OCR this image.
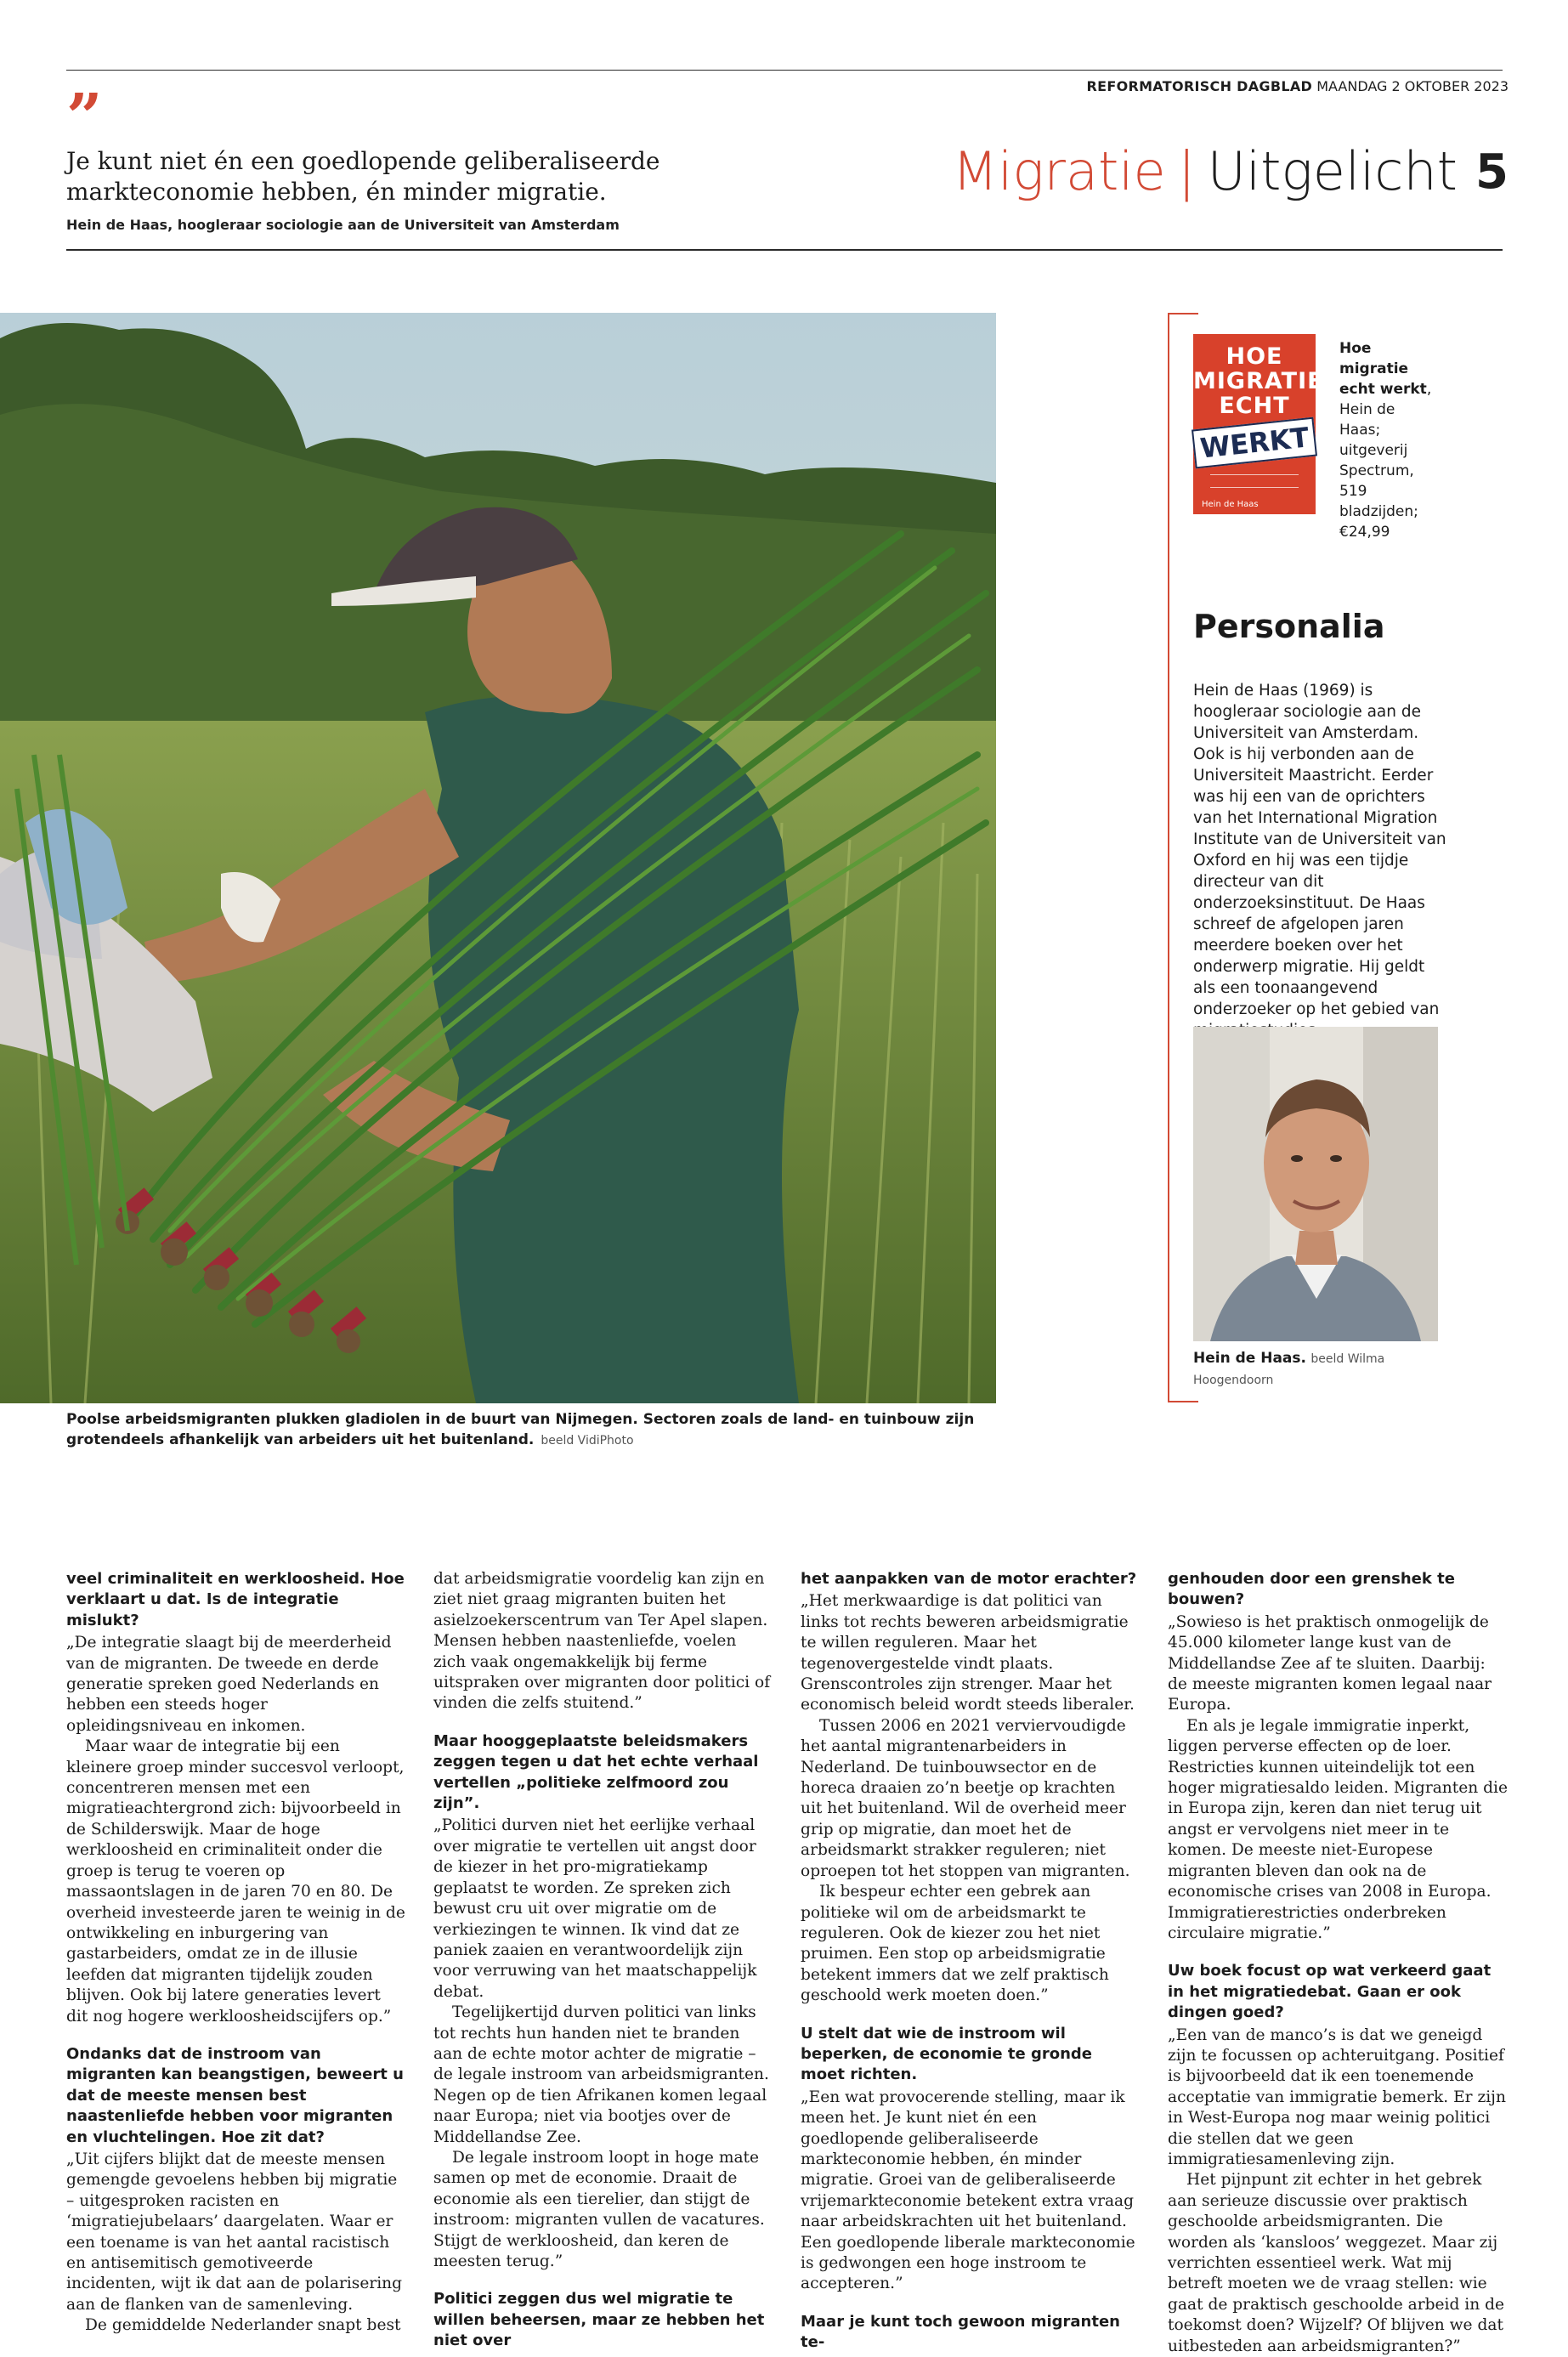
REFORMATORISCH DAGBLAD MAANDAG 2 OKTOBER 2023
”
Je kunt niet én een goedlopende geliberaliseerde markteconomie hebben, én minder migratie.
Hein de Haas, hoogleraar sociologie aan de Universiteit van Amsterdam
Migratie | Uitgelicht 5
Poolse arbeidsmigranten plukken gladiolen in de buurt van Nijmegen. Sectoren zoals de land- en tuinbouw zijn grotendeels afhankelijk van arbeiders uit het buitenland. beeld VidiPhoto
HOE
MIGRATIE
ECHT
WERKT
Hein de Haas
Hoe migratie echt werkt, Hein de Haas; uitgeverij Spectrum, 519 bladzijden; €24,99
Personalia
Hein de Haas (1969) is hoogleraar sociologie aan de Universiteit van Amsterdam. Ook is hij verbonden aan de Universiteit Maastricht. Eerder was hij een van de oprichters van het International Migration Institute van de Universiteit van Oxford en hij was een tijdje directeur van dit onderzoeksinstituut. De Haas schreef de afgelopen jaren meerdere boeken over het onderwerp migratie. Hij geldt als een toonaangevend onderzoeker op het gebied van
Hein de Haas. beeld Wilma Hoogendoorn

veel criminaliteit en werkloosheid. Hoe verklaart u dat. Is de integratie mislukt?

„De integratie slaagt bij de meerderheid van de migranten. De tweede en derde generatie spreken goed Nederlands en hebben een steeds hoger opleidingsniveau en inkomen.

Maar waar de integratie bij een kleinere groep minder succesvol verloopt, concentreren mensen met een migratieachtergrond zich: bijvoorbeeld in de Schilderswijk. Maar de hoge werkloosheid en criminaliteit onder die groep is terug te voeren op massaontslagen in de jaren 70 en 80. De overheid investeerde jaren te weinig in de ontwikkeling en inburgering van gastarbeiders, omdat ze in de illusie leefden dat migranten tijdelijk zouden blijven. Ook bij latere generaties levert dit nog hogere werkloosheidscijfers op.”

Ondanks dat de instroom van migranten kan beangstigen, beweert u dat de meeste mensen best naastenliefde hebben voor migranten en vluchtelingen. Hoe zit dat?

„Uit cijfers blijkt dat de meeste mensen gemengde gevoelens hebben bij migratie – uitgesproken racisten en ‘migratiejubelaars’ daargelaten. Waar er een toename is van het aantal racistisch en antisemitisch gemotiveerde incidenten, wijt ik dat aan de polarisering aan de flanken van de samenleving.

De gemiddelde Nederlander snapt best

dat arbeidsmigratie voordelig kan zijn en ziet niet graag migranten buiten het asielzoekerscentrum van Ter Apel slapen. Mensen hebben naastenliefde, voelen zich vaak ongemakkelijk bij ferme uitspraken over migranten door politici of vinden die zelfs stuitend.”

Maar hooggeplaatste beleidsmakers zeggen tegen u dat het echte verhaal vertellen „politieke zelfmoord zou zijn”.

„Politici durven niet het eerlijke verhaal over migratie te vertellen uit angst door de kiezer in het pro-migratiekamp geplaatst te worden. Ze spreken zich bewust cru uit over migratie om de verkiezingen te winnen. Ik vind dat ze paniek zaaien en verantwoordelijk zijn voor verruwing van het maatschappelijk debat.

Tegelijkertijd durven politici van links tot rechts hun handen niet te branden aan de echte motor achter de migratie –de legale instroom van arbeidsmigranten. Negen op de tien Afrikanen komen legaal naar Europa; niet via bootjes over de Middellandse Zee.

De legale instroom loopt in hoge mate samen op met de economie. Draait de economie als een tierelier, dan stijgt de instroom: migranten vullen de vacatures. Stijgt de werkloosheid, dan keren de meesten terug.”

Politici zeggen dus wel migratie te willen beheersen, maar ze hebben het niet over

het aanpakken van de motor erachter?

„Het merkwaardige is dat politici van links tot rechts beweren arbeidsmigratie te willen reguleren. Maar het tegenovergestelde vindt plaats. Grenscontroles zijn strenger. Maar het economisch beleid wordt steeds liberaler.

Tussen 2006 en 2021 verviervoudigde het aantal migrantenarbeiders in Nederland. De tuinbouwsector en de horeca draaien zo’n beetje op krachten uit het buitenland. Wil de overheid meer grip op migratie, dan moet het de arbeidsmarkt strakker reguleren; niet oproepen tot het stoppen van migranten.

Ik bespeur echter een gebrek aan politieke wil om de arbeidsmarkt te reguleren. Ook de kiezer zou het niet pruimen. Een stop op arbeidsmigratie betekent immers dat we zelf praktisch geschoold werk moeten doen.”

U stelt dat wie de instroom wil beperken, de economie te gronde moet richten.

„Een wat provocerende stelling, maar ik meen het. Je kunt niet én een goedlopende geliberaliseerde markteconomie hebben, én minder migratie. Groei van de geliberaliseerde vrijemarkteconomie betekent extra vraag naar arbeidskrachten uit het buitenland. Een goedlopende liberale markteconomie is gedwongen een hoge instroom te accepteren.”

Maar je kunt toch gewoon migranten te-

genhouden door een grenshek te bouwen?

„Sowieso is het praktisch onmogelijk de 45.000 kilometer lange kust van de Middellandse Zee af te sluiten. Daarbij: de meeste migranten komen legaal naar Europa.

En als je legale immigratie inperkt, liggen perverse effecten op de loer. Restricties kunnen uiteindelijk tot een hoger migratiesaldo leiden. Migranten die in Europa zijn, keren dan niet terug uit angst er vervolgens niet meer in te komen. De meeste niet-Europese migranten bleven dan ook na de economische crises van 2008 in Europa. Immigratierestricties onderbreken circulaire migratie.”

Uw boek focust op wat verkeerd gaat in het migratiedebat. Gaan er ook dingen goed?

„Een van de manco’s is dat we geneigd zijn te focussen op achteruitgang. Positief is bijvoorbeeld dat ik een toenemende acceptatie van immigratie bemerk. Er zijn in West-Europa nog maar weinig politici die stellen dat we geen immigratiesamenleving zijn.

Het pijnpunt zit echter in het gebrek aan serieuze discussie over praktisch geschoolde arbeidsmigranten. Die worden als ‘kansloos’ weggezet. Maar zij verrichten essentieel werk. Wat mij betreft moeten we de vraag stellen: wie gaat de praktisch geschoolde arbeid in de toekomst doen? Wijzelf? Of blijven we dat uitbesteden aan arbeidsmigranten?”
